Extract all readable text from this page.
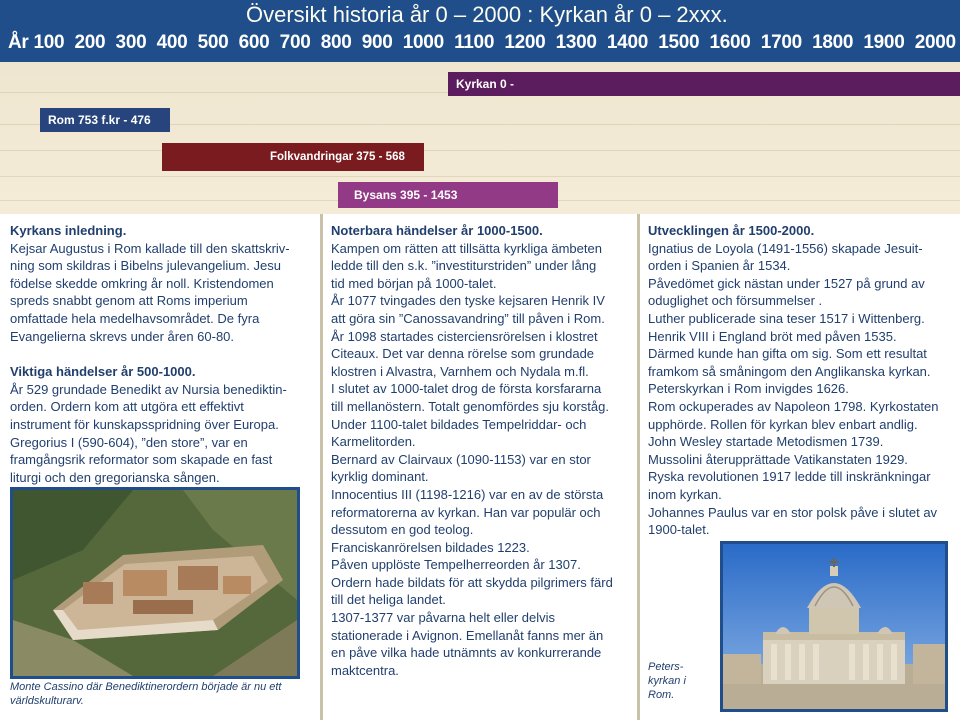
Översikt historia år 0 – 2000 : Kyrkan år 0 – 2xxx.
År 100 200 300 400 500 600 700 800 900 1000 1100 1200 1300 1400 1500 1600 1700 1800 1900 2000
Kyrkan 0 -
Rom 753 f.kr - 476
Folkvandringar 375 - 568
Bysans 395 - 1453

Kyrkans inledning.

Kejsar Augustus i Rom kallade till den skattskriv-

ning som skildras i Bibelns julevangelium. Jesu

födelse skedde omkring år noll. Kristendomen

spreds snabbt genom att Roms imperium

omfattade hela medelhavsområdet. De fyra

Evangelierna skrevs under åren 60-80.

Viktiga händelser år 500-1000.

År 529 grundade Benedikt av Nursia benediktin-

orden. Ordern kom att utgöra ett effektivt

instrument för kunskapsspridning över Europa.

Gregorius I (590-604), ”den store”, var en

framgångsrik reformator som skapade en fast

liturgi och den gregorianska sången.

Monte Cassino där Benediktinerordern började är nu ett
världskulturarv.

Noterbara händelser år 1000-1500.

Kampen om rätten att tillsätta kyrkliga ämbeten

ledde till den s.k. ”investiturstriden” under lång

tid med början på 1000-talet.

År 1077 tvingades den tyske kejsaren Henrik IV

att göra sin ”Canossavandring” till påven i Rom.

År 1098 startades cisterciensrörelsen i klostret

Citeaux. Det var denna rörelse som grundade

klostren i Alvastra, Varnhem och Nydala m.fl.

I slutet av 1000-talet drog de första korsfararna

till mellanöstern. Totalt genomfördes sju korståg.

Under 1100-talet bildades Tempelriddar- och

Karmelitorden.

Bernard av Clairvaux (1090-1153) var en stor

kyrklig dominant.

Innocentius III (1198-1216) var en av de största

reformatorerna av kyrkan. Han var populär och

dessutom en god teolog.

Franciskanrörelsen bildades 1223.

Påven upplöste Tempelherreorden år 1307.

Ordern hade bildats för att skydda pilgrimers färd

till det heliga landet.

1307-1377 var påvarna helt eller delvis

stationerade i Avignon. Emellanåt fanns mer än

en påve vilka hade utnämnts av konkurrerande

maktcentra.

Utvecklingen år 1500-2000.

Ignatius de Loyola (1491-1556) skapade Jesuit-

orden i Spanien år 1534.

Påvedömet gick nästan under 1527 på grund av

oduglighet och försummelser .

Luther publicerade sina teser 1517 i Wittenberg.

Henrik VIII i England bröt med påven 1535.

Därmed kunde han gifta om sig. Som ett resultat

framkom så småningom den Anglikanska kyrkan.

Peterskyrkan i Rom invigdes 1626.

Rom ockuperades av Napoleon 1798. Kyrkostaten

upphörde. Rollen för kyrkan blev enbart andlig.

John Wesley startade Metodismen 1739.

Mussolini återupprättade Vatikanstaten 1929.

Ryska revolutionen 1917 ledde till inskränkningar

inom kyrkan.

Johannes Paulus var en stor polsk påve i slutet av

1900-talet.

Peters-
kyrkan i
Rom.
